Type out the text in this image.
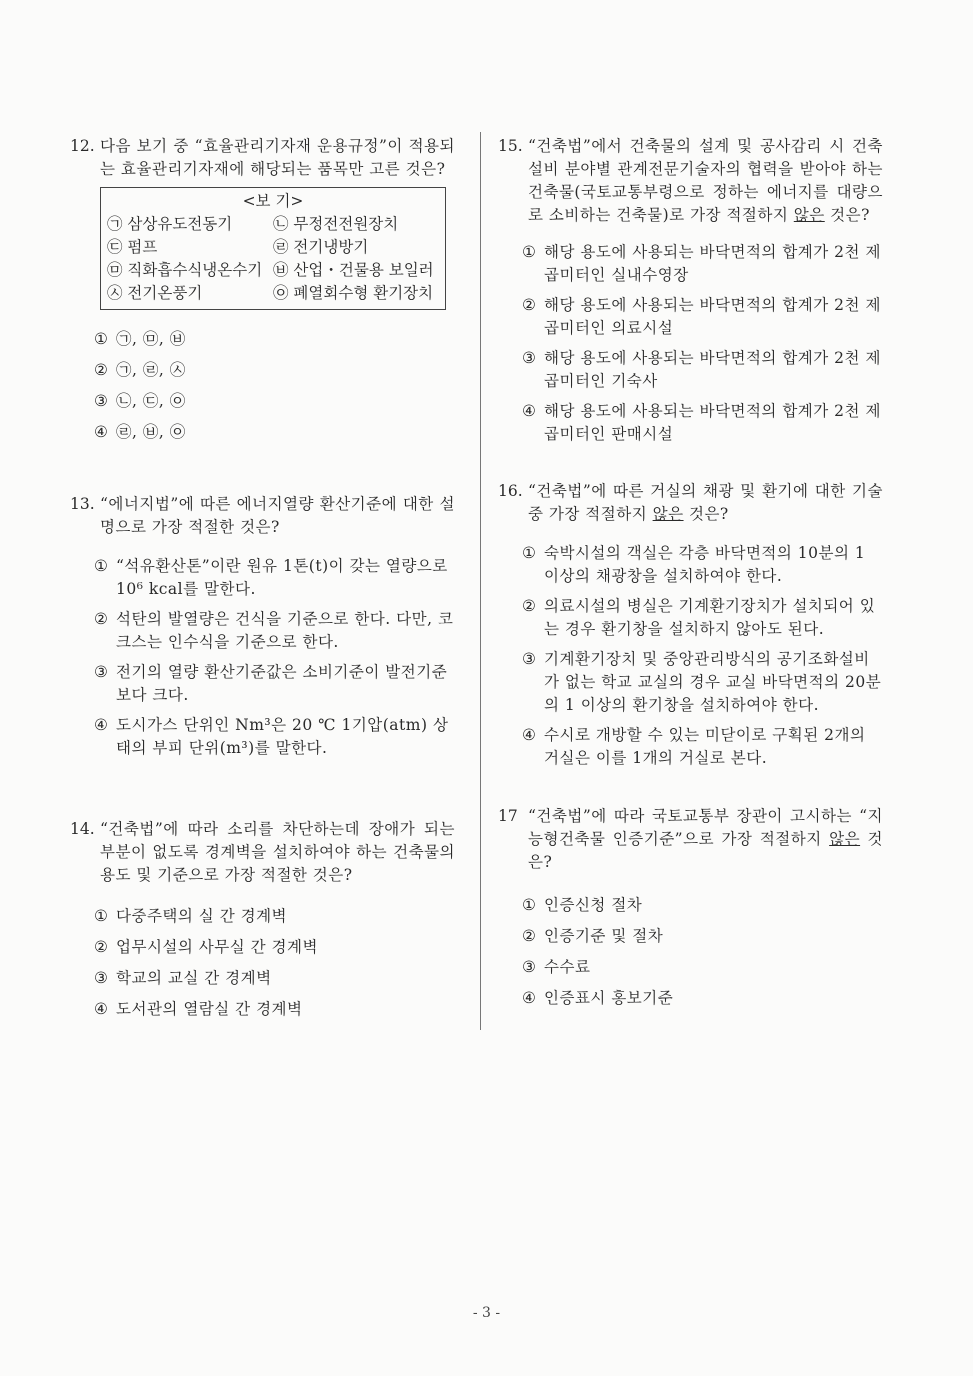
12. 다음 보기 중 “효율관리기자재 운용규정”이 적용되는 효율관리기자재에 해당되는 품목만 고른 것은?
<보 기>
㉠ 삼상유도전동기	㉡ 무정전전원장치
㉢ 펌프	㉣ 전기냉방기
㉤ 직화흡수식냉온수기 ㉥ 산업・건물용 보일러
㉦ 전기온풍기	㉧ 폐열회수형 환기장치
① ㉠, ㉤, ㉥
② ㉠, ㉣, ㉦
③ ㉡, ㉢, ㉧
④ ㉣, ㉥, ㉧
13. “에너지법”에 따른 에너지열량 환산기준에 대한 설명으로 가장 적절한 것은?
① “석유환산톤”이란 원유 1톤(t)이 갖는 열량으로 10⁶ kcal를 말한다.
② 석탄의 발열량은 건식을 기준으로 한다. 다만, 코크스는 인수식을 기준으로 한다.
③ 전기의 열량 환산기준값은 소비기준이 발전기준보다 크다.
④ 도시가스 단위인 Nm³은 20 ℃ 1기압(atm) 상태의 부피 단위(m³)를 말한다.
14. “건축법”에 따라 소리를 차단하는데 장애가 되는 부분이 없도록 경계벽을 설치하여야 하는 건축물의 용도 및 기준으로 가장 적절한 것은?
① 다중주택의 실 간 경계벽
② 업무시설의 사무실 간 경계벽
③ 학교의 교실 간 경계벽
④ 도서관의 열람실 간 경계벽
15. “건축법”에서 건축물의 설계 및 공사감리 시 건축설비 분야별 관계전문기술자의 협력을 받아야 하는 건축물(국토교통부령으로 정하는 에너지를 대량으로 소비하는 건축물)로 가장 적절하지 않은 것은?
① 해당 용도에 사용되는 바닥면적의 합계가 2천 제곱미터인 실내수영장
② 해당 용도에 사용되는 바닥면적의 합계가 2천 제곱미터인 의료시설
③ 해당 용도에 사용되는 바닥면적의 합계가 2천 제곱미터인 기숙사
④ 해당 용도에 사용되는 바닥면적의 합계가 2천 제곱미터인 판매시설
16. “건축법”에 따른 거실의 채광 및 환기에 대한 기술 중 가장 적절하지 않은 것은?
① 숙박시설의 객실은 각층 바닥면적의 10분의 1 이상의 채광창을 설치하여야 한다.
② 의료시설의 병실은 기계환기장치가 설치되어 있는 경우 환기창을 설치하지 않아도 된다.
③ 기계환기장치 및 중앙관리방식의 공기조화설비가 없는 학교 교실의 경우 교실 바닥면적의 20분의 1 이상의 환기창을 설치하여야 한다.
④ 수시로 개방할 수 있는 미닫이로 구획된 2개의 거실은 이를 1개의 거실로 본다.
17 “건축법”에 따라 국토교통부 장관이 고시하는 “지능형건축물 인증기준”으로 가장 적절하지 않은 것은?
① 인증신청 절차
② 인증기준 및 절차
③ 수수료
④ 인증표시 홍보기준
- 3 -
